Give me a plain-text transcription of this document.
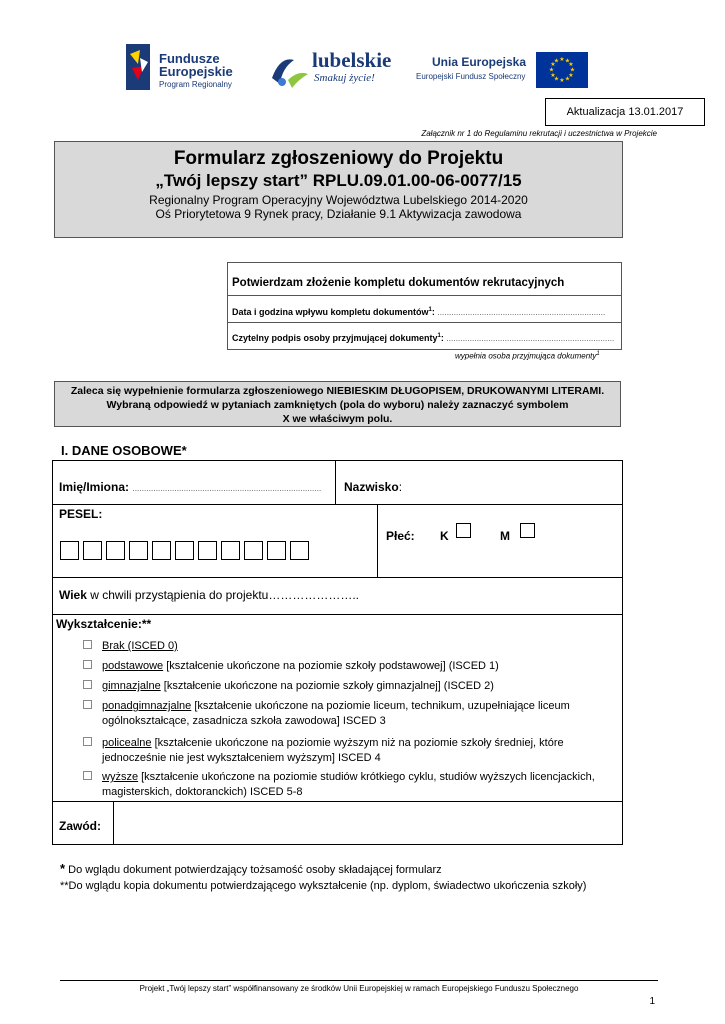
Fundusze
Europejskie
Program Regionalny
lubelskie
Smakuj życie!
Unia Europejska
Europejski Fundusz Społeczny
★ ★
★
★
★
★
★
★
★
★
★
★
Aktualizacja 13.01.2017
Załącznik nr 1 do Regulaminu rekrutacji i uczestnictwa w Projekcie
Formularz zgłoszeniowy do Projektu
„Twój lepszy start” RPLU.09.01.00-06-0077/15
Regionalny Program Operacyjny Województwa Lubelskiego 2014-2020
Oś Priorytetowa 9 Rynek pracy, Działanie 9.1 Aktywizacja zawodowa
Potwierdzam złożenie kompletu dokumentów rekrutacyjnych
Data i godzina wpływu kompletu dokumentów$^1$: ………………………………………………………………
Czytelny podpis osoby przyjmującej dokumenty$^1$: ………………………………………………………………
wypełnia osoba przyjmująca dokumenty$^1$
Zaleca się wypełnienie formularza zgłoszeniowego NIEBIESKIM DŁUGOPISEM, DRUKOWANYMI LITERAMI.
Wybraną odpowiedź w pytaniach zamkniętych (pola do wyboru) należy zaznaczyć symbolem
X we właściwym polu.
I. DANE OSOBOWE*
Imię/Imiona: ……………………………………………………………………… Nazwisko: …………………………………………………………………………………………
PESEL:
Płeć: K	M
Wiek w chwili przystąpienia do projektu…………………..
Wykształcenie:**
Brak (ISCED 0)
podstawowe [kształcenie ukończone na poziomie szkoły podstawowej] (ISCED 1)
gimnazjalne [kształcenie ukończone na poziomie szkoły gimnazjalnej] (ISCED 2)
ponadgimnazjalne [kształcenie ukończone na poziomie liceum, technikum, uzupełniające liceum ogólnokształcące, zasadnicza szkoła zawodowa] ISCED 3
policealne [kształcenie ukończone na poziomie wyższym niż na poziomie szkoły średniej, które jednocześnie nie jest wykształceniem wyższym] ISCED 4
wyższe [kształcenie ukończone na poziomie studiów krótkiego cyklu, studiów wyższych licencjackich, magisterskich, doktoranckich) ISCED 5-8
Zawód:
* Do wglądu dokument potwierdzający tożsamość osoby składającej formularz
**Do wglądu kopia dokumentu potwierdzającego wykształcenie (np. dyplom, świadectwo ukończenia szkoły)
Projekt „Twój lepszy start” współfinansowany ze środków Unii Europejskiej w ramach Europejskiego Funduszu Społecznego
1
